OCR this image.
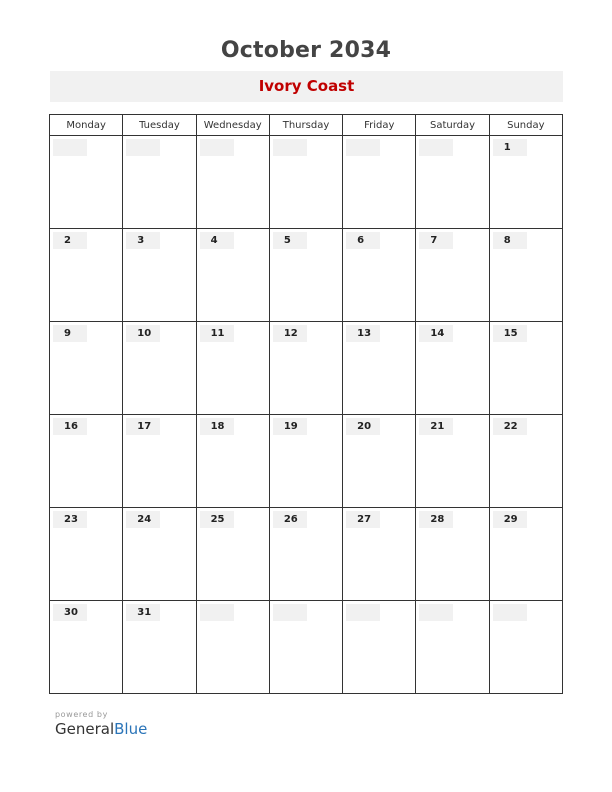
October 2034
Ivory Coast
Monday	Tuesday	Wednesday	Thursday	Friday	Saturday	Sunday

						1

2	3	4	5	6	7	8

9	10	11	12	13	14	15

16	17	18	19	20	21	22

23	24	25	26	27	28	29

30	31					

powered by
GeneralBlue
